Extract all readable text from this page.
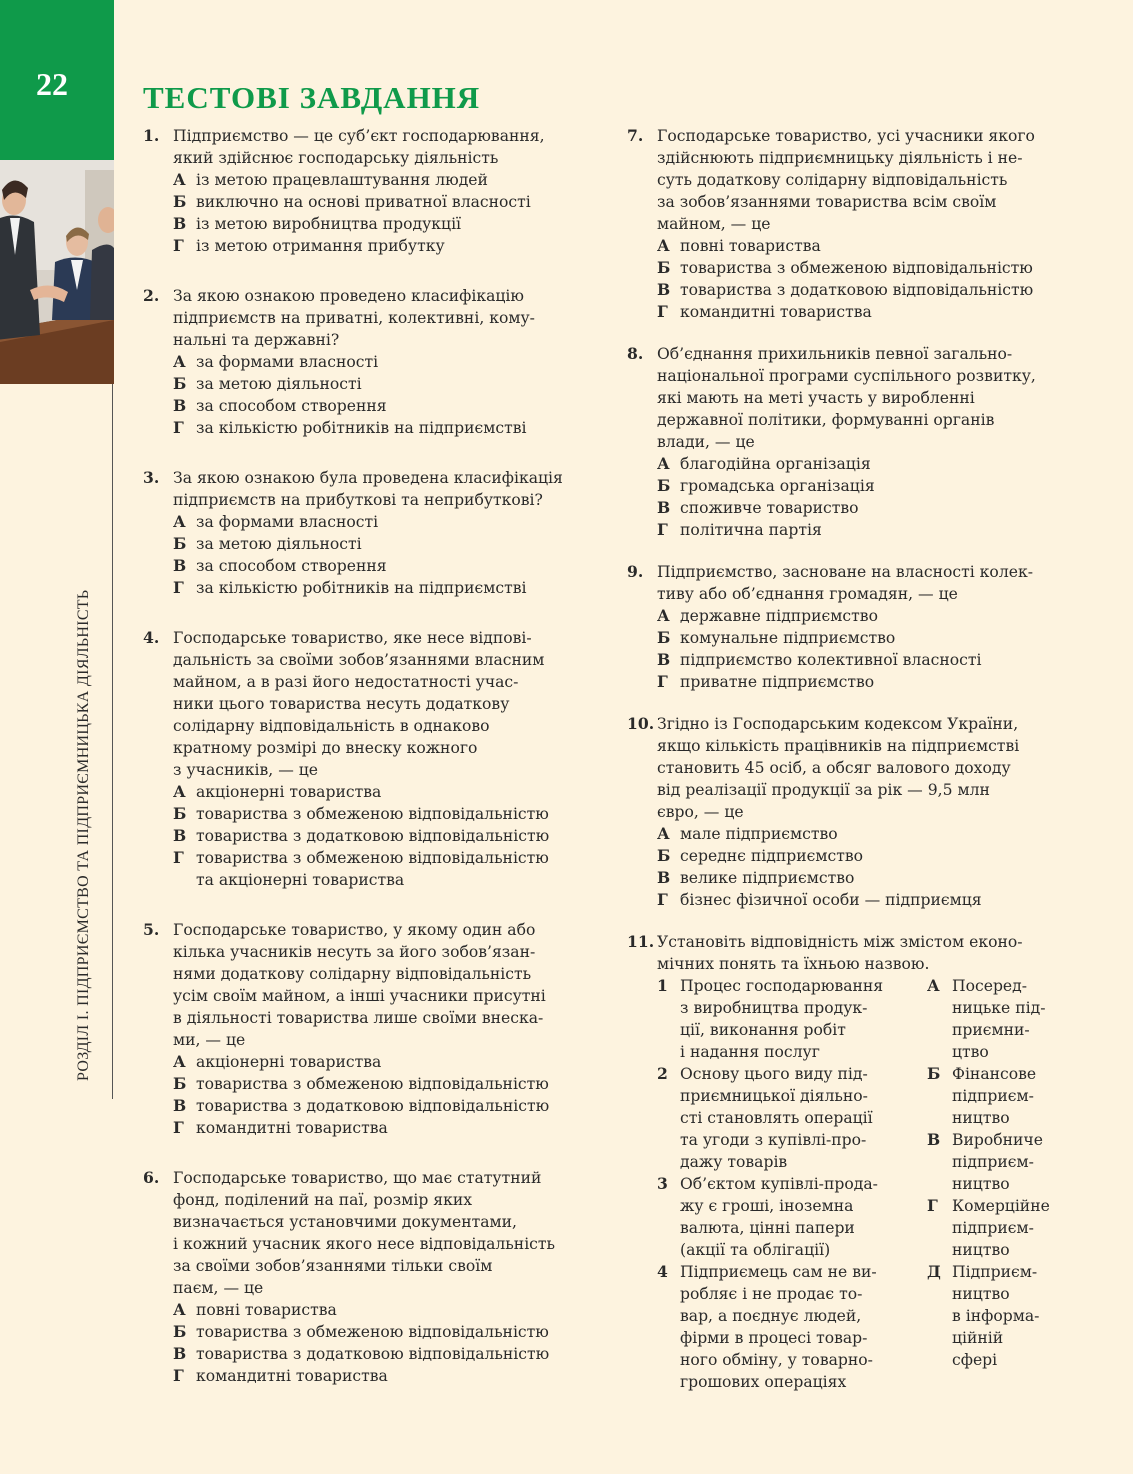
22
РОЗДІЛ I. ПІДПРИЄМСТВО ТА ПІДПРИЄМНИЦЬКА ДІЯЛЬНІСТЬ
ТЕСТОВІ ЗАВДАННЯ
1. Підприємство — це суб’єкт господарювання,
який здійснює господарську діяльність
А із метою працевлаштування людей
Б виключно на основі приватної власності
В із метою виробництва продукції
Г із метою отримання прибутку
2. За якою ознакою проведено класифікацію
підприємств на приватні, колективні, кому-
нальні та державні?
А за формами власності
Б за метою діяльності
В за способом створення
Г за кількістю робітників на підприємстві
3. За якою ознакою була проведена класифікація
підприємств на прибуткові та неприбуткові?
А за формами власності
Б за метою діяльності
В за способом створення
Г за кількістю робітників на підприємстві
4. Господарське товариство, яке несе відпові-
дальність за своїми зобов’язаннями власним
майном, а в разі його недостатності учас-
ники цього товариства несуть додаткову
солідарну відповідальність в однаково
кратному розмірі до внеску кожного
з учасників, — це
А акціонерні товариства
Б товариства з обмеженою відповідальністю
В товариства з додатковою відповідальністю
Г товариства з обмеженою відповідальністю
та акціонерні товариства
5. Господарське товариство, у якому один або
кілька учасників несуть за його зобов’язан-
нями додаткову солідарну відповідальність
усім своїм майном, а інші учасники присутні
в діяльності товариства лише своїми внеска-
ми, — це
А акціонерні товариства
Б товариства з обмеженою відповідальністю
В товариства з додатковою відповідальністю
Г командитні товариства
6. Господарське товариство, що має статутний
фонд, поділений на паї, розмір яких
визначається установчими документами,
і кожний учасник якого несе відповідальність
за своїми зобов’язаннями тільки своїм
паєм, — це
А повні товариства
Б товариства з обмеженою відповідальністю
В товариства з додатковою відповідальністю
Г командитні товариства
7. Господарське товариство, усі учасники якого
здійснюють підприємницьку діяльність і не-
суть додаткову солідарну відповідальність
за зобов’язаннями товариства всім своїм
майном, — це
А повні товариства
Б товариства з обмеженою відповідальністю
В товариства з додатковою відповідальністю
Г командитні товариства
8. Об’єднання прихильників певної загально-
національної програми суспільного розвитку,
які мають на меті участь у виробленні
державної політики, формуванні органів
влади, — це
А благодійна організація
Б громадська організація
В споживче товариство
Г політична партія
9. Підприємство, засноване на власності колек-
тиву або об’єднання громадян, — це
А державне підприємство
Б комунальне підприємство
В підприємство колективної власності
Г приватне підприємство
10. Згідно із Господарським кодексом України,
якщо кількість працівників на підприємстві
становить 45 осіб, а обсяг валового доходу
від реалізації продукції за рік — 9,5 млн
євро, — це
А мале підприємство
Б середнє підприємство
В велике підприємство
Г бізнес фізичної особи — підприємця
11. Установіть відповідність між змістом еконо-
мічних понять та їхньою назвою.
1 Процес господарювання
з виробництва продук-
ції, виконання робіт
і надання послуг
2 Основу цього виду під-
приємницької діяльно-
сті становлять операції
та угоди з купівлі-про-
дажу товарів
3 Об’єктом купівлі-прода-
жу є гроші, іноземна
валюта, цінні папери
(акції та облігації)
4 Підприємець сам не ви-
робляє і не продає то-
вар, а поєднує людей,
фірми в процесі товар-
ного обміну, у товарно-
грошових операціях
А Посеред-
ницьке під-
приємни-
цтво
Б Фінансове
підприєм-
ництво
В Виробниче
підприєм-
ництво
Г Комерційне
підприєм-
ництво
Д Підприєм-
ництво
в інформа-
ційній
сфері
